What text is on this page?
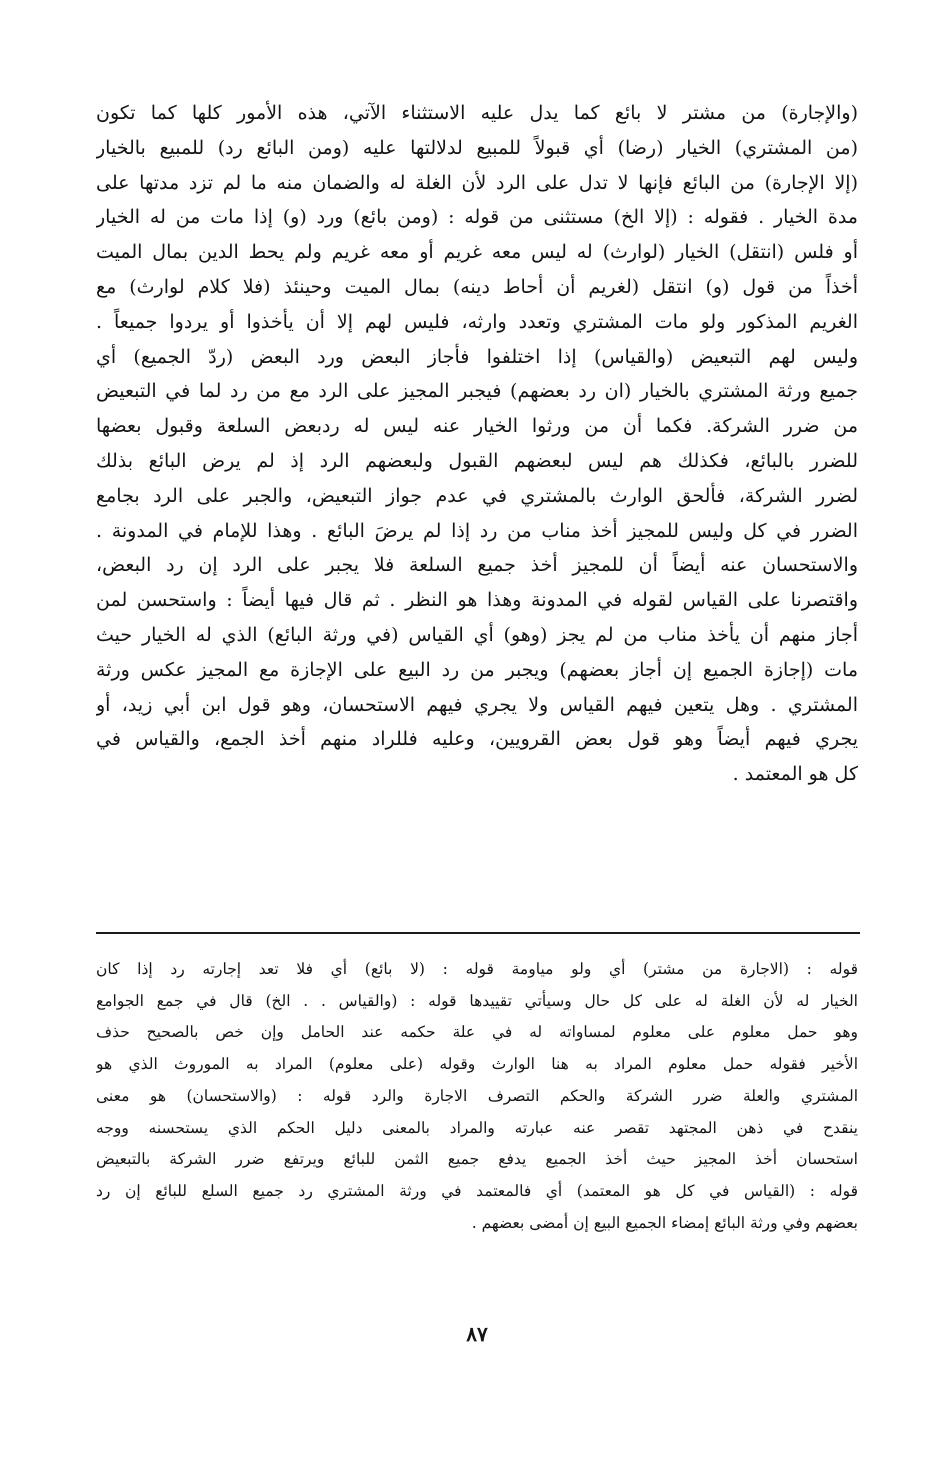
(والإجارة) من مشتر لا بائع كما يدل عليه الاستثناء الآتي، هذه الأمور كلها كما تكون
(من المشتري) الخيار (رضا) أي قبولاً للمبيع لدلالتها عليه (ومن البائع رد) للمبيع بالخيار
(إلا الإجارة) من البائع فإنها لا تدل على الرد لأن الغلة له والضمان منه ما لم تزد مدتها على
مدة الخيار . فقوله : (إلا الخ) مستثنى من قوله : (ومن بائع) ورد (و) إذا مات من له الخيار
أو فلس (انتقل) الخيار (لوارث) له ليس معه غريم أو معه غريم ولم يحط الدين بمال الميت
أخذاً من قول (و) انتقل (لغريم أن أحاط دينه) بمال الميت وحينئذ (فلا كلام لوارث) مع
الغريم المذكور ولو مات المشتري وتعدد وارثه، فليس لهم إلا أن يأخذوا أو يردوا جميعاً .
وليس لهم التبعيض (والقياس) إذا اختلفوا فأجاز البعض ورد البعض (ردّ الجميع) أي
جميع ورثة المشتري بالخيار (ان رد بعضهم) فيجبر المجيز على الرد مع من رد لما في التبعيض
من ضرر الشركة. فكما أن من ورثوا الخيار عنه ليس له ردبعض السلعة وقبول بعضها
للضرر بالبائع، فكذلك هم ليس لبعضهم القبول ولبعضهم الرد إذ لم يرض البائع بذلك
لضرر الشركة، فألحق الوارث بالمشتري في عدم جواز التبعيض، والجبر على الرد بجامع
الضرر في كل وليس للمجيز أخذ مناب من رد إذا لم يرضَ البائع . وهذا للإمام في المدونة .
والاستحسان عنه أيضاً أن للمجيز أخذ جميع السلعة فلا يجبر على الرد إن رد البعض،
واقتصرنا على القياس لقوله في المدونة وهذا هو النظر . ثم قال فيها أيضاً : واستحسن لمن
أجاز منهم أن يأخذ مناب من لم يجز (وهو) أي القياس (في ورثة البائع) الذي له الخيار حيث
مات (إجازة الجميع إن أجاز بعضهم) ويجبر من رد البيع على الإجازة مع المجيز عكس ورثة
المشتري . وهل يتعين فيهم القياس ولا يجري فيهم الاستحسان، وهو قول ابن أبي زيد، أو
يجري فيهم أيضاً وهو قول بعض القرويين، وعليه فللراد منهم أخذ الجمع، والقياس في
كل هو المعتمد .
قوله : (الاجارة من مشتر) أي ولو مياومة قوله : (لا بائع) أي فلا تعد إجارته رد إذا كان
الخيار له لأن الغلة له على كل حال وسيأتي تقييدها قوله : (والقياس . . الخ) قال في جمع الجوامع
وهو حمل معلوم على معلوم لمساواته له في علة حكمه عند الحامل وإن خص بالصحيح حذف
الأخير فقوله حمل معلوم المراد به هنا الوارث وقوله (على معلوم) المراد به الموروث الذي هو
المشتري والعلة ضرر الشركة والحكم التصرف الاجارة والرد قوله : (والاستحسان) هو معنى
ينقدح في ذهن المجتهد تقصر عنه عبارته والمراد بالمعنى دليل الحكم الذي يستحسنه ووجه
استحسان أخذ المجيز حيث أخذ الجميع يدفع جميع الثمن للبائع ويرتفع ضرر الشركة بالتبعيض
قوله : (القياس في كل هو المعتمد) أي فالمعتمد في ورثة المشتري رد جميع السلع للبائع إن رد
بعضهم وفي ورثة البائع إمضاء الجميع البيع إن أمضى بعضهم .
٨٧
